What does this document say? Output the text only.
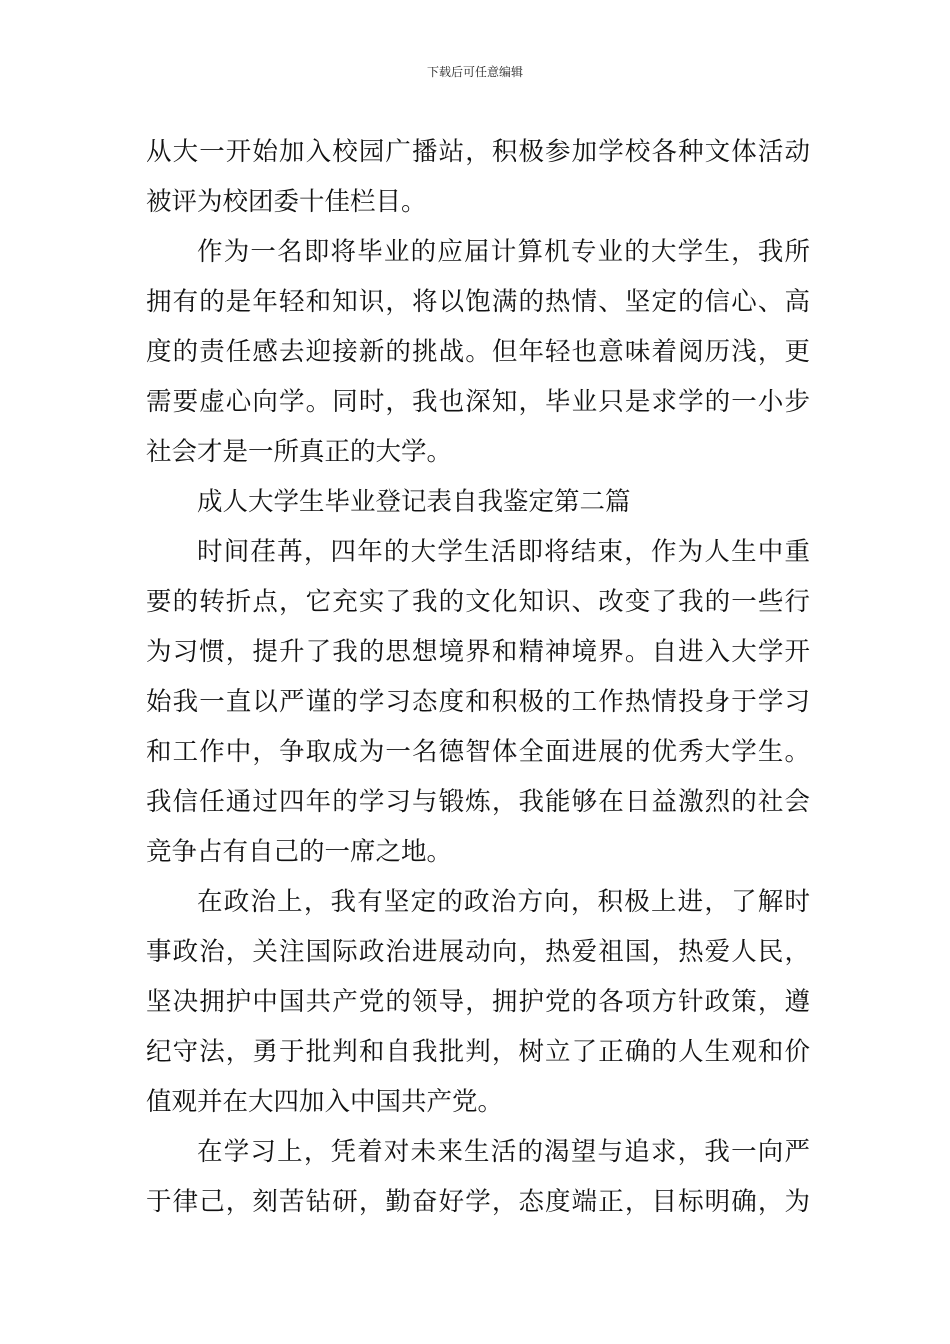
下载后可任意编辑
从大一开始加入校园广播站，积极参加学校各种文体活动
被评为校团委十佳栏目。
作为一名即将毕业的应届计算机专业的大学生，我所
拥有的是年轻和知识，将以饱满的热情、坚定的信心、高
度的责任感去迎接新的挑战。但年轻也意味着阅历浅，更
需要虚心向学。同时，我也深知，毕业只是求学的一小步
社会才是一所真正的大学。
成人大学生毕业登记表自我鉴定第二篇
时间荏苒，四年的大学生活即将结束，作为人生中重
要的转折点，它充实了我的文化知识、改变了我的一些行
为习惯，提升了我的思想境界和精神境界。自进入大学开
始我一直以严谨的学习态度和积极的工作热情投身于学习
和工作中，争取成为一名德智体全面进展的优秀大学生。
我信任通过四年的学习与锻炼，我能够在日益激烈的社会
竞争占有自己的一席之地。
在政治上，我有坚定的政治方向，积极上进，了解时
事政治，关注国际政治进展动向，热爱祖国，热爱人民，
坚决拥护中国共产党的领导，拥护党的各项方针政策，遵
纪守法，勇于批判和自我批判，树立了正确的人生观和价
值观并在大四加入中国共产党。
在学习上，凭着对未来生活的渴望与追求，我一向严
于律己，刻苦钻研，勤奋好学，态度端正，目标明确，为
